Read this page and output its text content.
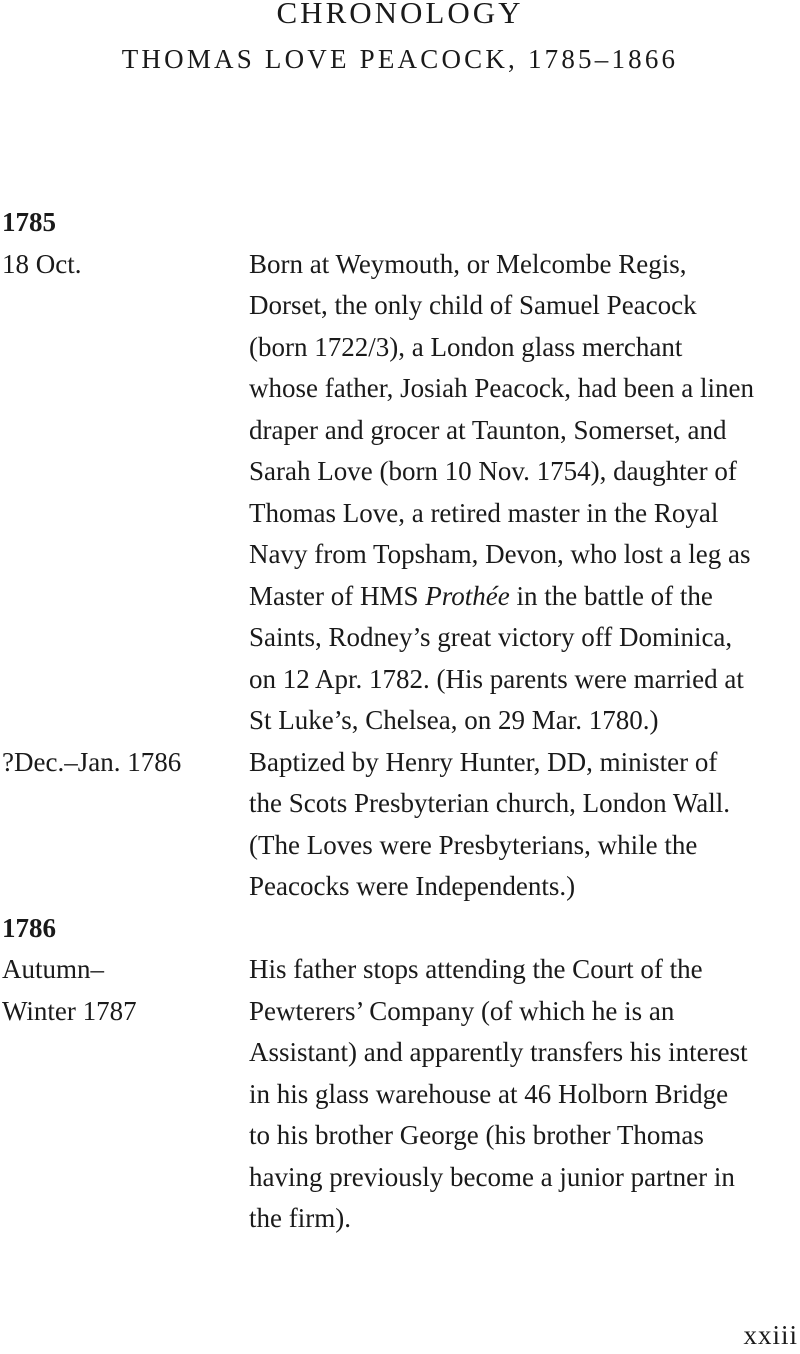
CHRONOLOGY
THOMAS LOVE PEACOCK, 1785–1866
1785
18 Oct.	Born at Weymouth, or Melcombe Regis,
Dorset, the only child of Samuel Peacock
(born 1722/3), a London glass merchant
whose father, Josiah Peacock, had been a linen
draper and grocer at Taunton, Somerset, and
Sarah Love (born 10 Nov. 1754), daughter of
Thomas Love, a retired master in the Royal
Navy from Topsham, Devon, who lost a leg as
Master of HMS Prothée in the battle of the
Saints, Rodney’s great victory off Dominica,
on 12 Apr. 1782. (His parents were married at
St Luke’s, Chelsea, on 29 Mar. 1780.)
?Dec.–Jan. 1786	Baptized by Henry Hunter, DD, minister of
the Scots Presbyterian church, London Wall.
(The Loves were Presbyterians, while the
Peacocks were Independents.)
1786
Autumn–
Winter 1787
His father stops attending the Court of the
Pewterers’ Company (of which he is an
Assistant) and apparently transfers his interest
in his glass warehouse at 46 Holborn Bridge
to his brother George (his brother Thomas
having previously become a junior partner in
the firm).
xxiii
